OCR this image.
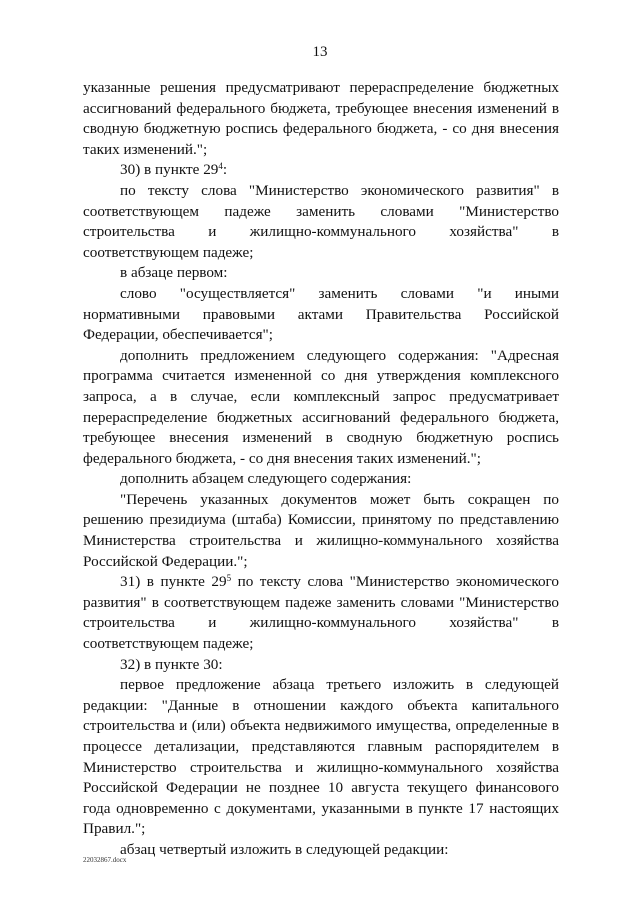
13

указанные решения предусматривают перераспределение бюджетных ассигнований федерального бюджета, требующее внесения изменений в сводную бюджетную роспись федерального бюджета, - со дня внесения таких изменений.";

30) в пункте $29^4$:

по тексту слова "Министерство экономического развития" в соответствующем падеже заменить словами "Министерство строительства и жилищно-коммунального хозяйства" в соответствующем падеже;

в абзаце первом:

слово "осуществляется" заменить словами "и иными нормативными правовыми актами Правительства Российской Федерации, обеспечивается";

дополнить предложением следующего содержания: "Адресная программа считается измененной со дня утверждения комплексного запроса, а в случае, если комплексный запрос предусматривает перераспределение бюджетных ассигнований федерального бюджета, требующее внесения изменений в сводную бюджетную роспись федерального бюджета, - со дня внесения таких изменений.";

дополнить абзацем следующего содержания:

"Перечень указанных документов может быть сокращен по решению президиума (штаба) Комиссии, принятому по представлению Министерства строительства и жилищно-коммунального хозяйства Российской Федерации.";

31) в пункте $29^5$ по тексту слова "Министерство экономического развития" в соответствующем падеже заменить словами "Министерство строительства и жилищно-коммунального хозяйства" в соответствующем падеже;

32) в пункте 30:

первое предложение абзаца третьего изложить в следующей редакции: "Данные в отношении каждого объекта капитального строительства и (или) объекта недвижимого имущества, определенные в процессе детализации, представляются главным распорядителем в Министерство строительства и жилищно-коммунального хозяйства Российской Федерации не позднее 10 августа текущего финансового года одновременно с документами, указанными в пункте 17 настоящих Правил.";

абзац четвертый изложить в следующей редакции:

22032867.docx
